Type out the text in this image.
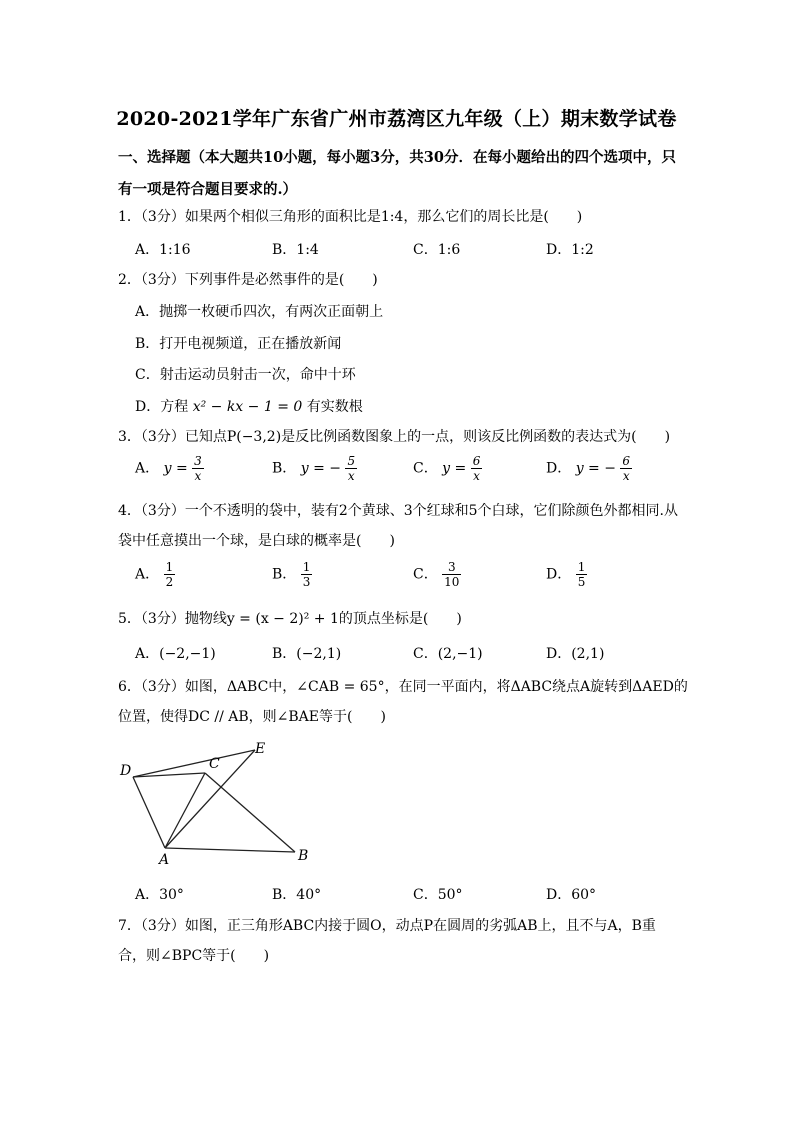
2020-2021学年广东省广州市荔湾区九年级（上）期末数学试卷
一、选择题（本大题共10小题，每小题3分，共30分．在每小题给出的四个选项中，只
有一项是符合题目要求的.）
1．（3分）如果两个相似三角形的面积比是1:4，那么它们的周长比是(　　)
A．1:16	B．1:4	C．1:6	D．1:2
2．（3分）下列事件是必然事件的是(　　)
A．抛掷一枚硬币四次，有两次正面朝上
B．打开电视频道，正在播放新闻
C．射击运动员射击一次，命中十环
D．方程 x² − kx − 1 = 0 有实数根
3．（3分）已知点P(−3,2)是反比例函数图象上的一点，则该反比例函数的表达式为(　　)
A． $y = \frac{3}{x}$	B． y = − $\frac{5}{x}$	C． $y = \frac{6}{x}$	D． y = − $\frac{6}{x}$
4．（3分）一个不透明的袋中，装有2个黄球、3个红球和5个白球，它们除颜色外都相同.从
袋中任意摸出一个球，是白球的概率是(　　)
A． $\frac{1}{2}$	B． $\frac{1}{3}$	C． $\frac{3}{10}$	D． $\frac{1}{5}$
5．（3分）抛物线y = (x − 2)² + 1的顶点坐标是(　　)
A．(−2,−1)	B．(−2,1)	C．(2,−1)	D．(2,1)
6．（3分）如图，ΔABC中，∠CAB = 65°，在同一平面内，将ΔABC绕点A旋转到ΔAED的
位置，使得DC // AB，则∠BAE等于(　　)
D	C
E
A	B
A．30°	B．40°	C．50°	D．60°
7．（3分）如图，正三角形ABC内接于圆O，动点P在圆周的劣弧AB上，且不与A，B重
合，则∠BPC等于(　　)
